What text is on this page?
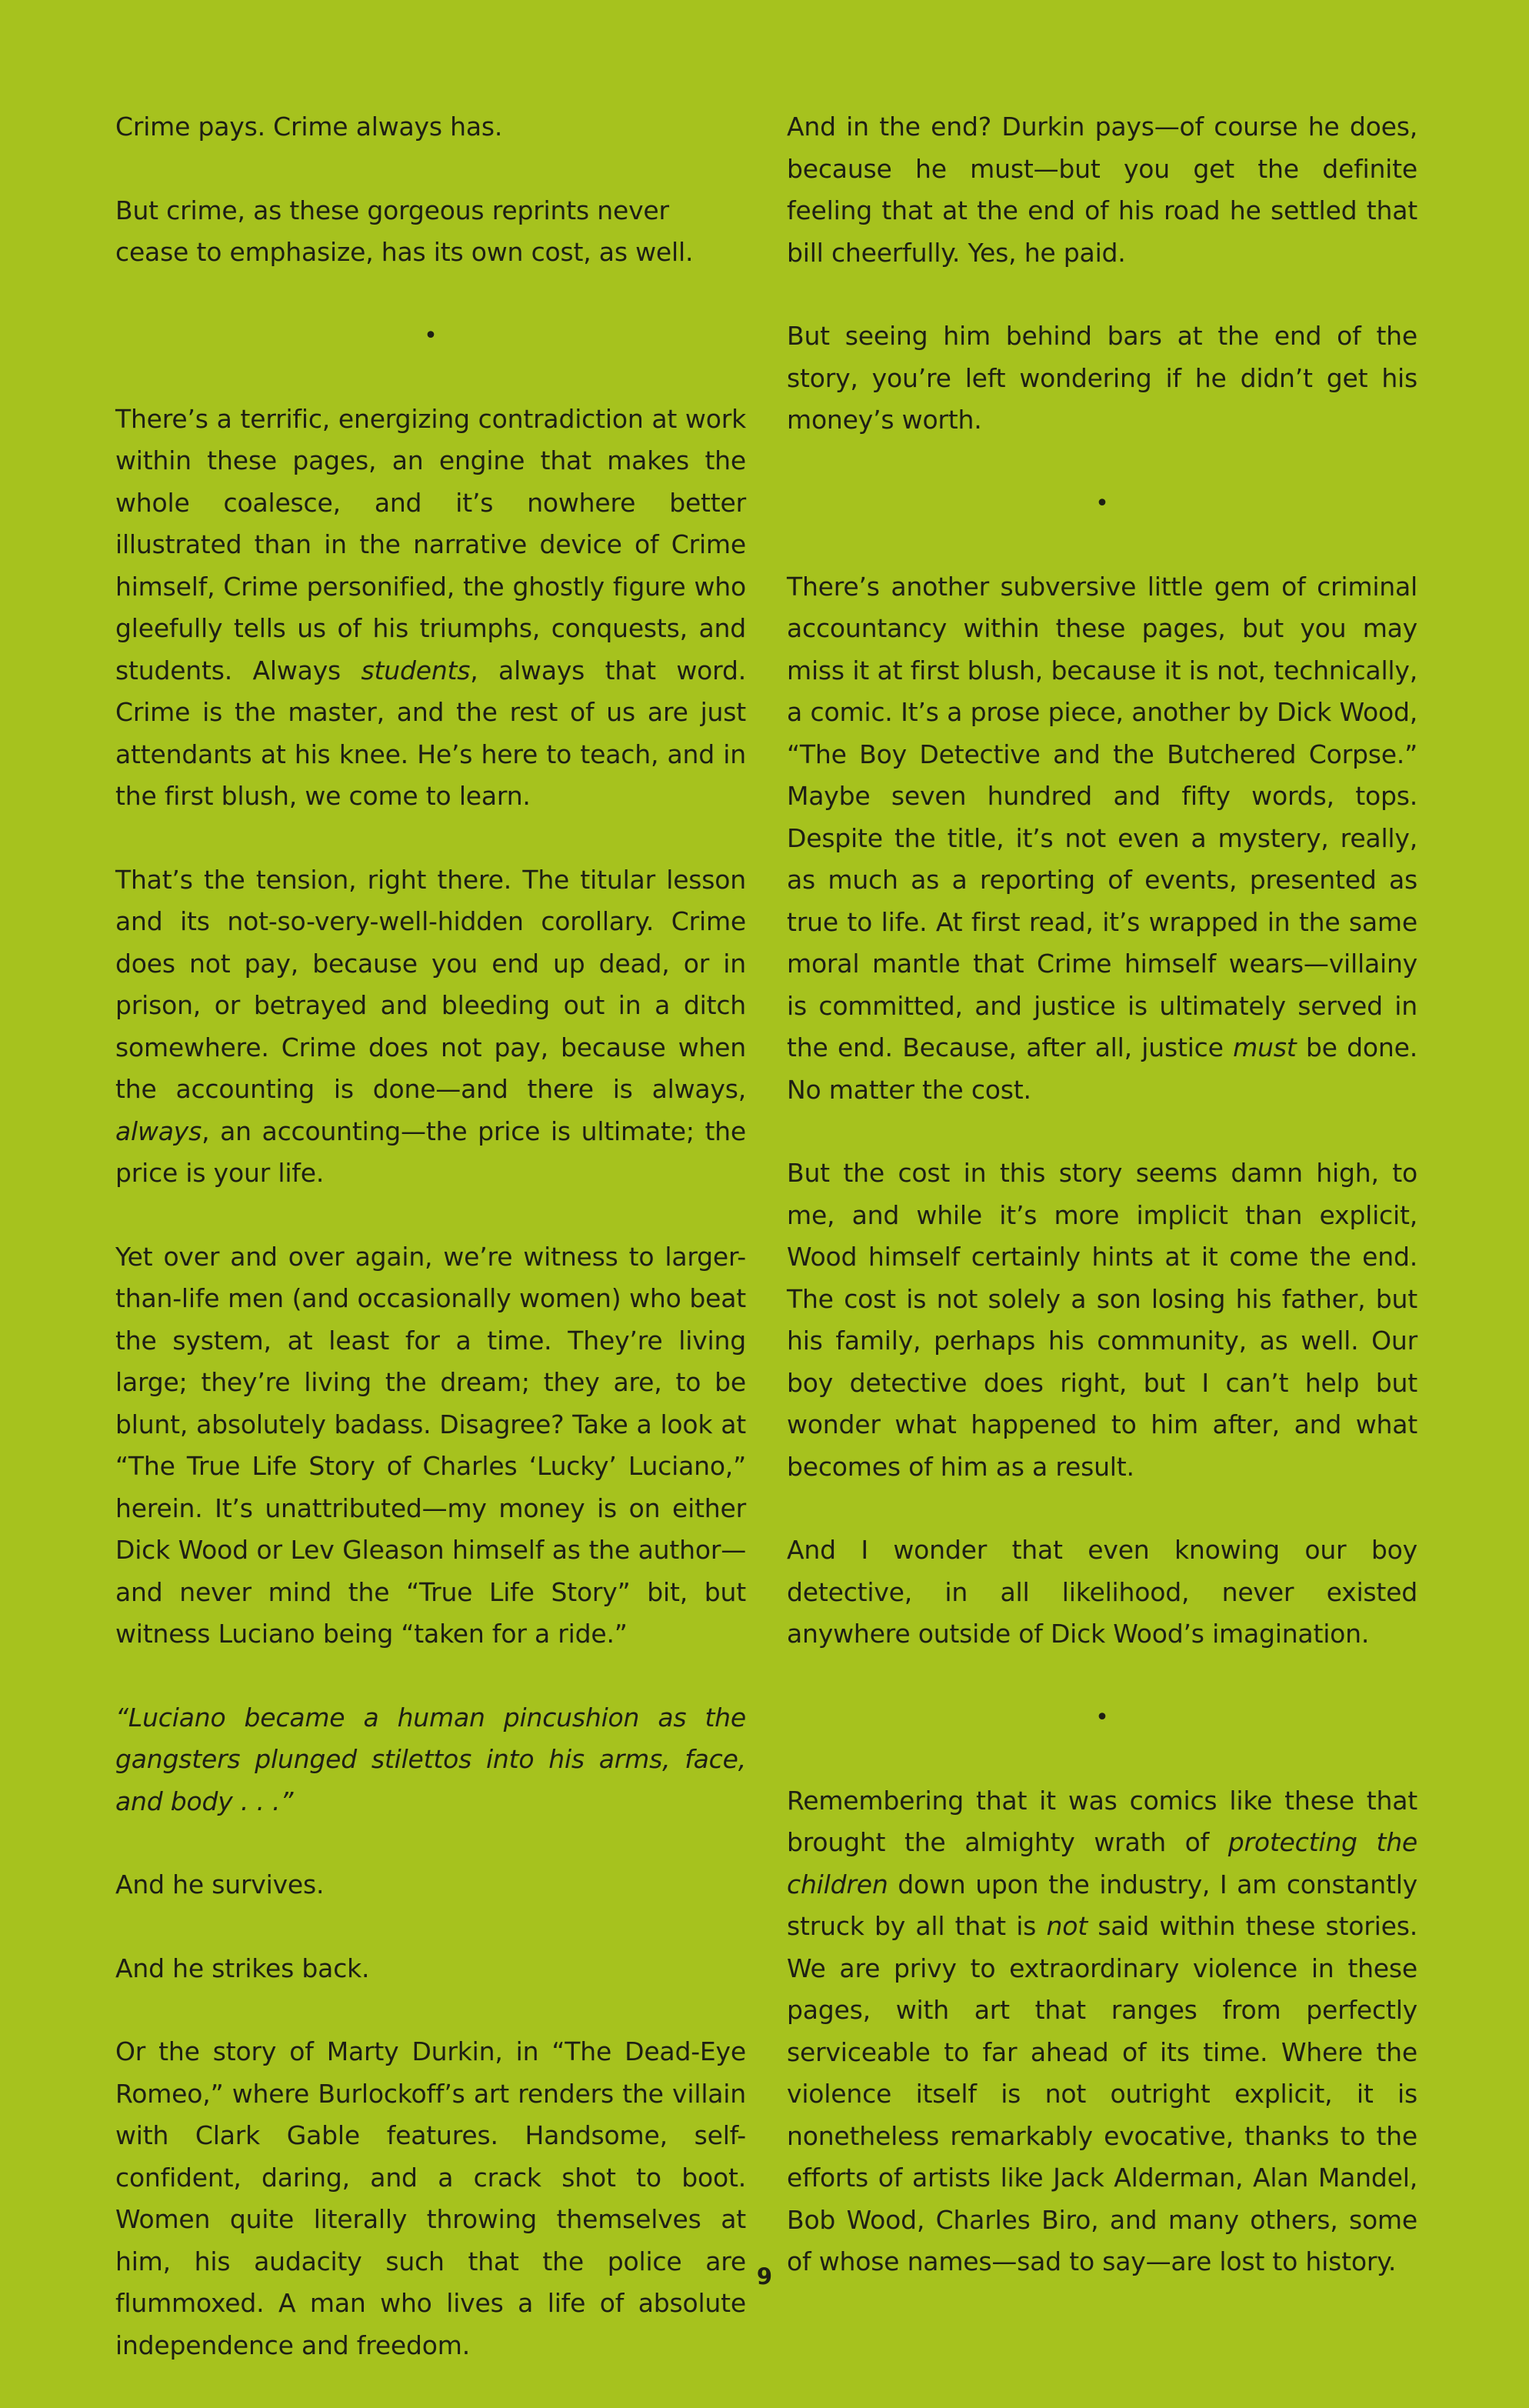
Crime pays. Crime always has.

But crime, as these gorgeous reprints never cease to emphasize, has its own cost, as well.

•

There’s a terrific, energizing contradiction at work within these pages, an engine that makes the whole coalesce, and it’s nowhere better illustrated than in the narrative device of Crime himself, Crime personified, the ghostly figure who gleefully tells us of his triumphs, conquests, and students. Always students, always that word. Crime is the master, and the rest of us are just attendants at his knee. He’s here to teach, and in the first blush, we come to learn.

That’s the tension, right there. The titular lesson and its not-so-very-well-hidden corollary. Crime does not pay, because you end up dead, or in prison, or betrayed and bleeding out in a ditch somewhere. Crime does not pay, because when the accounting is done—and there is always, always, an accounting—the price is ultimate; the price is your life.

Yet over and over again, we’re witness to larger-than-life men (and occasionally women) who beat the system, at least for a time. They’re living large; they’re living the dream; they are, to be blunt, absolutely badass. Disagree? Take a look at “The True Life Story of Charles ‘Lucky’ Luciano,” herein. It’s unattributed—my money is on either Dick Wood or Lev Gleason himself as the author—and never mind the “True Life Story” bit, but witness Luciano being “taken for a ride.”

“Luciano became a human pincushion as the gangsters plunged stilettos into his arms, face, and body . . .”

And he survives.

And he strikes back.

Or the story of Marty Durkin, in “The Dead-Eye Romeo,” where Burlockoff’s art renders the villain with Clark Gable features. Handsome, self-confident, daring, and a crack shot to boot. Women quite literally throwing themselves at him, his audacity such that the police are flummoxed. A man who lives a life of absolute independence and freedom.

And in the end? Durkin pays—of course he does, because he must—but you get the definite feeling that at the end of his road he settled that bill cheerfully. Yes, he paid.

But seeing him behind bars at the end of the story, you’re left wondering if he didn’t get his money’s worth.

•

There’s another subversive little gem of criminal accountancy within these pages, but you may miss it at first blush, because it is not, technically, a comic. It’s a prose piece, another by Dick Wood, “The Boy Detective and the Butchered Corpse.” Maybe seven hundred and fifty words, tops. Despite the title, it’s not even a mystery, really, as much as a reporting of events, presented as true to life. At first read, it’s wrapped in the same moral mantle that Crime himself wears—villainy is committed, and justice is ultimately served in the end. Because, after all, justice must be done. No matter the cost.

But the cost in this story seems damn high, to me, and while it’s more implicit than explicit, Wood himself certainly hints at it come the end. The cost is not solely a son losing his father, but his family, perhaps his community, as well. Our boy detective does right, but I can’t help but wonder what happened to him after, and what becomes of him as a result.

And I wonder that even knowing our boy detective, in all likelihood, never existed anywhere outside of Dick Wood’s imagination.

•

Remembering that it was comics like these that brought the almighty wrath of protecting the children down upon the industry, I am constantly struck by all that is not said within these stories. We are privy to extraordinary violence in these pages, with art that ranges from perfectly serviceable to far ahead of its time. Where the violence itself is not outright explicit, it is nonetheless remarkably evocative, thanks to the efforts of artists like Jack Alderman, Alan Mandel, Bob Wood, Charles Biro, and many others, some of whose names—sad to say—are lost to history.

9
